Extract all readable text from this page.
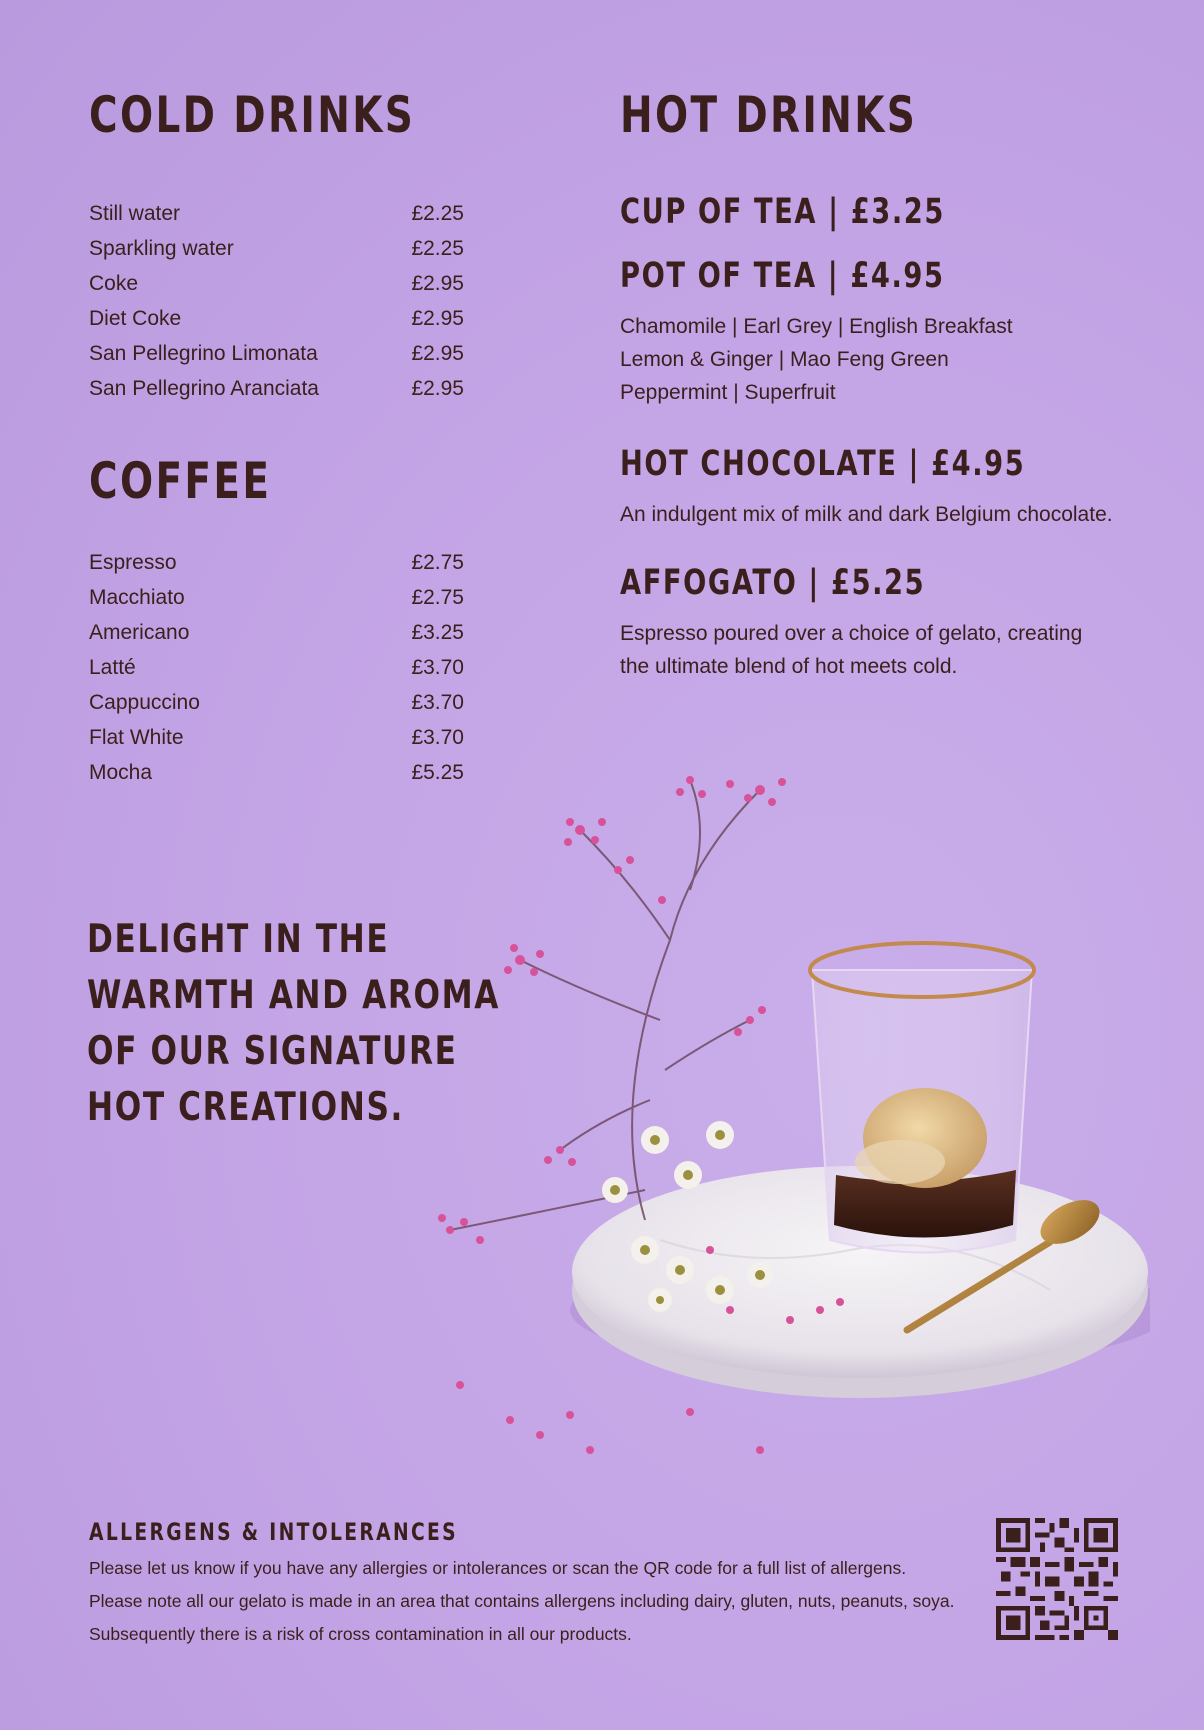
COLD DRINKS
Still water	£2.25
Sparkling water	£2.25
Coke	£2.95
Diet Coke	£2.95
San Pellegrino Limonata	£2.95
San Pellegrino Aranciata	£2.95
COFFEE
Espresso	£2.75
Macchiato	£2.75
Americano	£3.25
Latté	£3.70
Cappuccino	£3.70
Flat White	£3.70
Mocha	£5.25
HOT DRINKS
CUP OF TEA | £3.25
POT OF TEA | £4.95
Chamomile | Earl Grey | English Breakfast
Lemon & Ginger | Mao Feng Green
Peppermint | Superfruit
HOT CHOCOLATE | £4.95
An indulgent mix of milk and dark Belgium chocolate.
AFFOGATO | £5.25
Espresso poured over a choice of gelato, creating
the ultimate blend of hot meets cold.
DELIGHT IN THE
WARMTH AND AROMA
OF OUR SIGNATURE
HOT CREATIONS.
ALLERGENS & INTOLERANCES
Please let us know if you have any allergies or intolerances or scan the QR code for a full list of allergens.
Please note all our gelato is made in an area that contains allergens including dairy, gluten, nuts, peanuts, soya.
Subsequently there is a risk of cross contamination in all our products.
